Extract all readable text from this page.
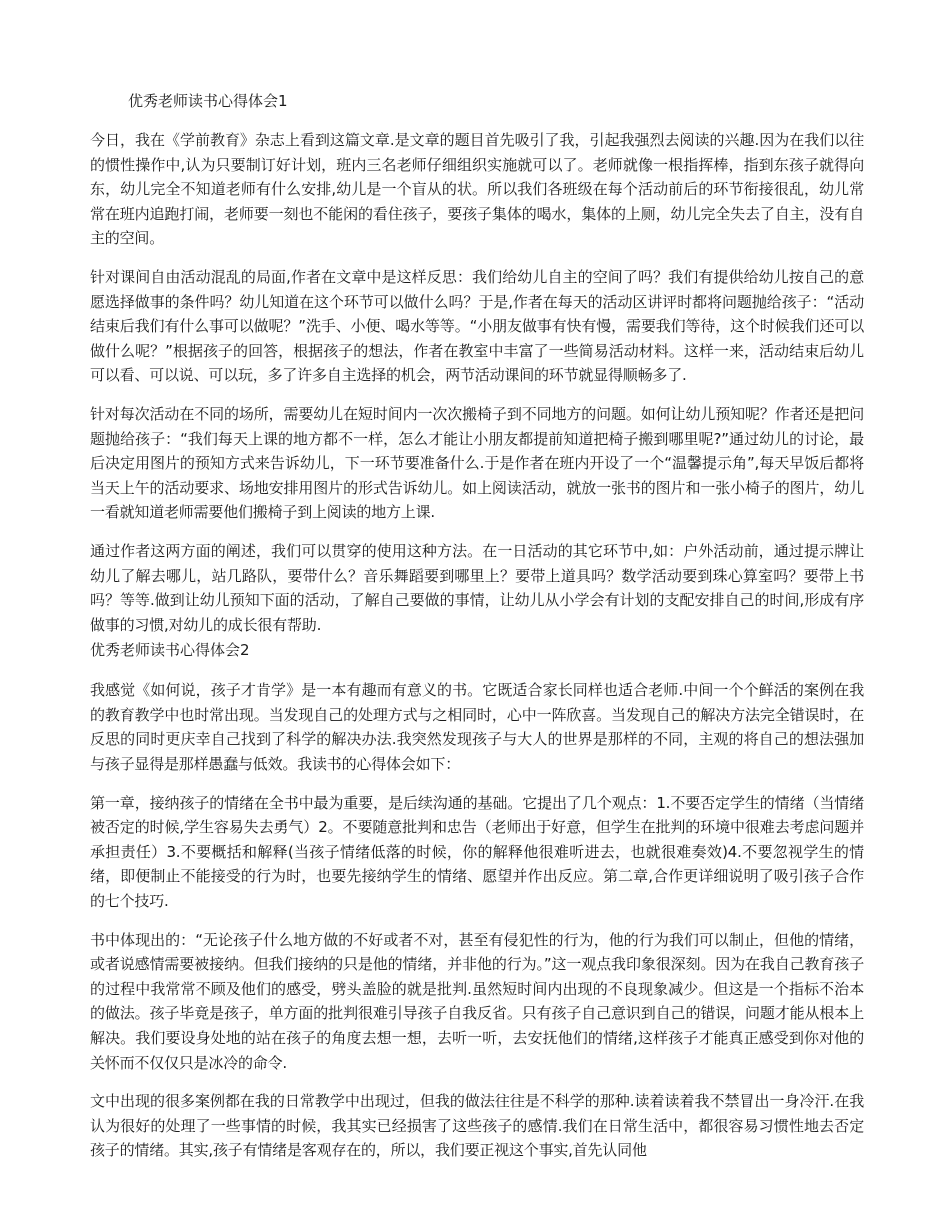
优秀老师读书心得体会1

今日，我在《学前教育》杂志上看到这篇文章.是文章的题目首先吸引了我，引起我强烈去阅读的兴趣.因为在我们以往的惯性操作中,认为只要制订好计划，班内三名老师仔细组织实施就可以了。老师就像一根指挥棒，指到东孩子就得向东，幼儿完全不知道老师有什么安排,幼儿是一个盲从的状。所以我们各班级在每个活动前后的环节衔接很乱，幼儿常常在班内追跑打闹，老师要一刻也不能闲的看住孩子，要孩子集体的喝水，集体的上厕，幼儿完全失去了自主，没有自主的空间。

针对课间自由活动混乱的局面,作者在文章中是这样反思：我们给幼儿自主的空间了吗？我们有提供给幼儿按自己的意愿选择做事的条件吗？幼儿知道在这个环节可以做什么吗？于是,作者在每天的活动区讲评时都将问题抛给孩子：“活动结束后我们有什么事可以做呢？”洗手、小便、喝水等等。“小朋友做事有快有慢，需要我们等待，这个时候我们还可以做什么呢？”根据孩子的回答，根据孩子的想法，作者在教室中丰富了一些简易活动材料。这样一来，活动结束后幼儿可以看、可以说、可以玩，多了许多自主选择的机会，两节活动课间的环节就显得顺畅多了.

针对每次活动在不同的场所，需要幼儿在短时间内一次次搬椅子到不同地方的问题。如何让幼儿预知呢？作者还是把问题抛给孩子：“我们每天上课的地方都不一样，怎么才能让小朋友都提前知道把椅子搬到哪里呢?”通过幼儿的讨论，最后决定用图片的预知方式来告诉幼儿，下一环节要准备什么.于是作者在班内开设了一个“温馨提示角”,每天早饭后都将当天上午的活动要求、场地安排用图片的形式告诉幼儿。如上阅读活动，就放一张书的图片和一张小椅子的图片，幼儿一看就知道老师需要他们搬椅子到上阅读的地方上课.

通过作者这两方面的阐述，我们可以贯穿的使用这种方法。在一日活动的其它环节中,如：户外活动前，通过提示牌让幼儿了解去哪儿，站几路队，要带什么？音乐舞蹈要到哪里上？要带上道具吗？数学活动要到珠心算室吗？要带上书吗？等等.做到让幼儿预知下面的活动，了解自己要做的事情，让幼儿从小学会有计划的支配安排自己的时间,形成有序做事的习惯,对幼儿的成长很有帮助.

优秀老师读书心得体会2

我感觉《如何说，孩子才肯学》是一本有趣而有意义的书。它既适合家长同样也适合老师.中间一个个鲜活的案例在我的教育教学中也时常出现。当发现自己的处理方式与之相同时，心中一阵欣喜。当发现自己的解决方法完全错误时，在反思的同时更庆幸自己找到了科学的解决办法.我突然发现孩子与大人的世界是那样的不同，主观的将自己的想法强加与孩子显得是那样愚蠢与低效。我读书的心得体会如下：

第一章，接纳孩子的情绪在全书中最为重要，是后续沟通的基础。它提出了几个观点：1.不要否定学生的情绪（当情绪被否定的时候,学生容易失去勇气）2。不要随意批判和忠告（老师出于好意，但学生在批判的环境中很难去考虑问题并承担责任）3.不要概括和解释(当孩子情绪低落的时候，你的解释他很难听进去，也就很难奏效)4.不要忽视学生的情绪，即便制止不能接受的行为时，也要先接纳学生的情绪、愿望并作出反应。第二章,合作更详细说明了吸引孩子合作的七个技巧.

书中体现出的：“无论孩子什么地方做的不好或者不对，甚至有侵犯性的行为，他的行为我们可以制止，但他的情绪，或者说感情需要被接纳。但我们接纳的只是他的情绪，并非他的行为。”这一观点我印象很深刻。因为在我自己教育孩子的过程中我常常不顾及他们的感受，劈头盖脸的就是批判.虽然短时间内出现的不良现象减少。但这是一个指标不治本的做法。孩子毕竟是孩子，单方面的批判很难引导孩子自我反省。只有孩子自己意识到自己的错误，问题才能从根本上解决。我们要设身处地的站在孩子的角度去想一想，去听一听，去安抚他们的情绪,这样孩子才能真正感受到你对他的关怀而不仅仅只是冰冷的命令.

文中出现的很多案例都在我的日常教学中出现过，但我的做法往往是不科学的那种.读着读着我不禁冒出一身冷汗.在我认为很好的处理了一些事情的时候，我其实已经损害了这些孩子的感情.我们在日常生活中，都很容易习惯性地去否定孩子的情绪。其实,孩子有情绪是客观存在的，所以，我们要正视这个事实,首先认同他
